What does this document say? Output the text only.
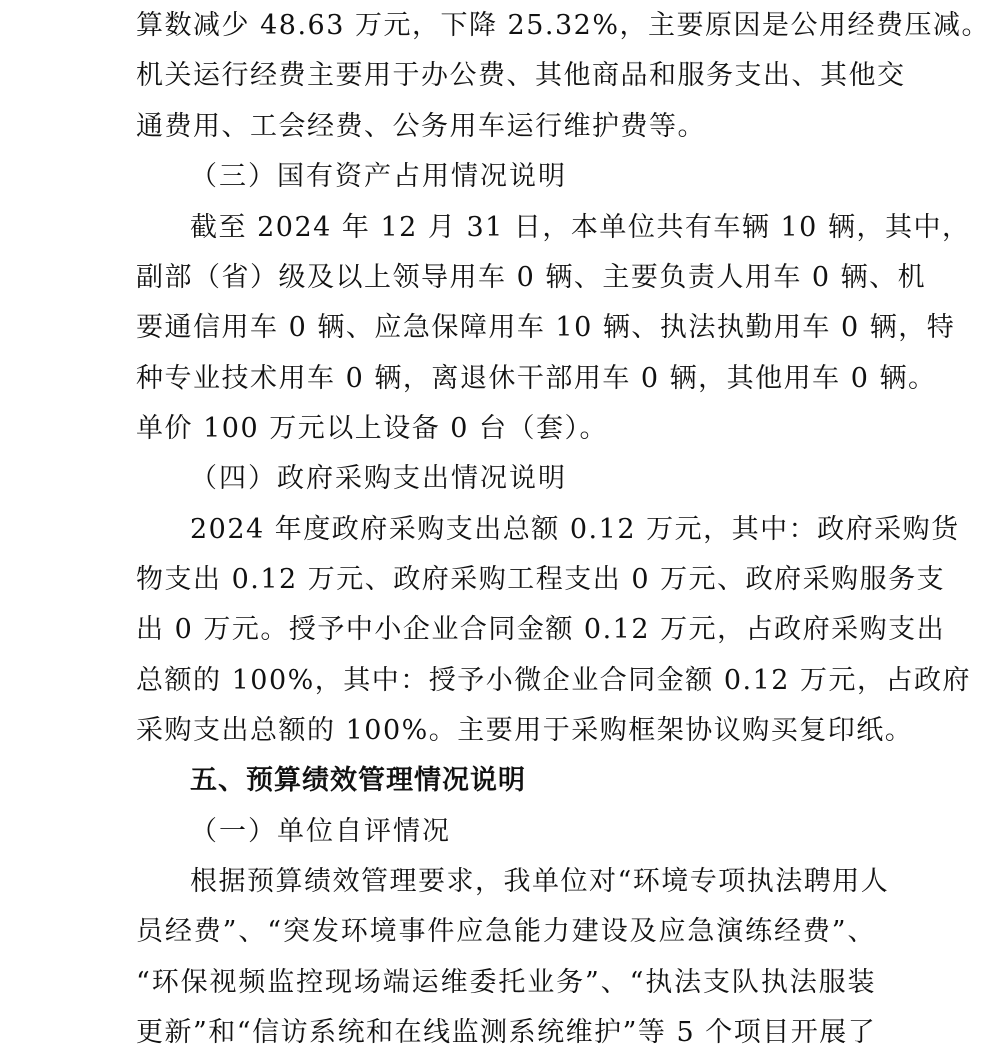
算数减少 48.63 万元，下降 25.32%，主要原因是公用经费压减。
机关运行经费主要用于办公费、其他商品和服务支出、其他交
通费用、工会经费、公务用车运行维护费等。
（三）国有资产占用情况说明
截至 2024 年 12 月 31 日，本单位共有车辆 10 辆，其中，
副部（省）级及以上领导用车 0 辆、主要负责人用车 0 辆、机
要通信用车 0 辆、应急保障用车 10 辆、执法执勤用车 0 辆，特
种专业技术用车 0 辆，离退休干部用车 0 辆，其他用车 0 辆。
单价 100 万元以上设备 0 台（套）。
（四）政府采购支出情况说明
2024 年度政府采购支出总额 0.12 万元，其中：政府采购货
物支出 0.12 万元、政府采购工程支出 0 万元、政府采购服务支
出 0 万元。授予中小企业合同金额 0.12 万元，占政府采购支出
总额的 100%，其中：授予小微企业合同金额 0.12 万元，占政府
采购支出总额的 100%。主要用于采购框架协议购买复印纸。
五、预算绩效管理情况说明
（一）单位自评情况
根据预算绩效管理要求，我单位对“环境专项执法聘用人
员经费”、“突发环境事件应急能力建设及应急演练经费”、
“环保视频监控现场端运维委托业务”、“执法支队执法服装
更新”和“信访系统和在线监测系统维护”等 5 个项目开展了
